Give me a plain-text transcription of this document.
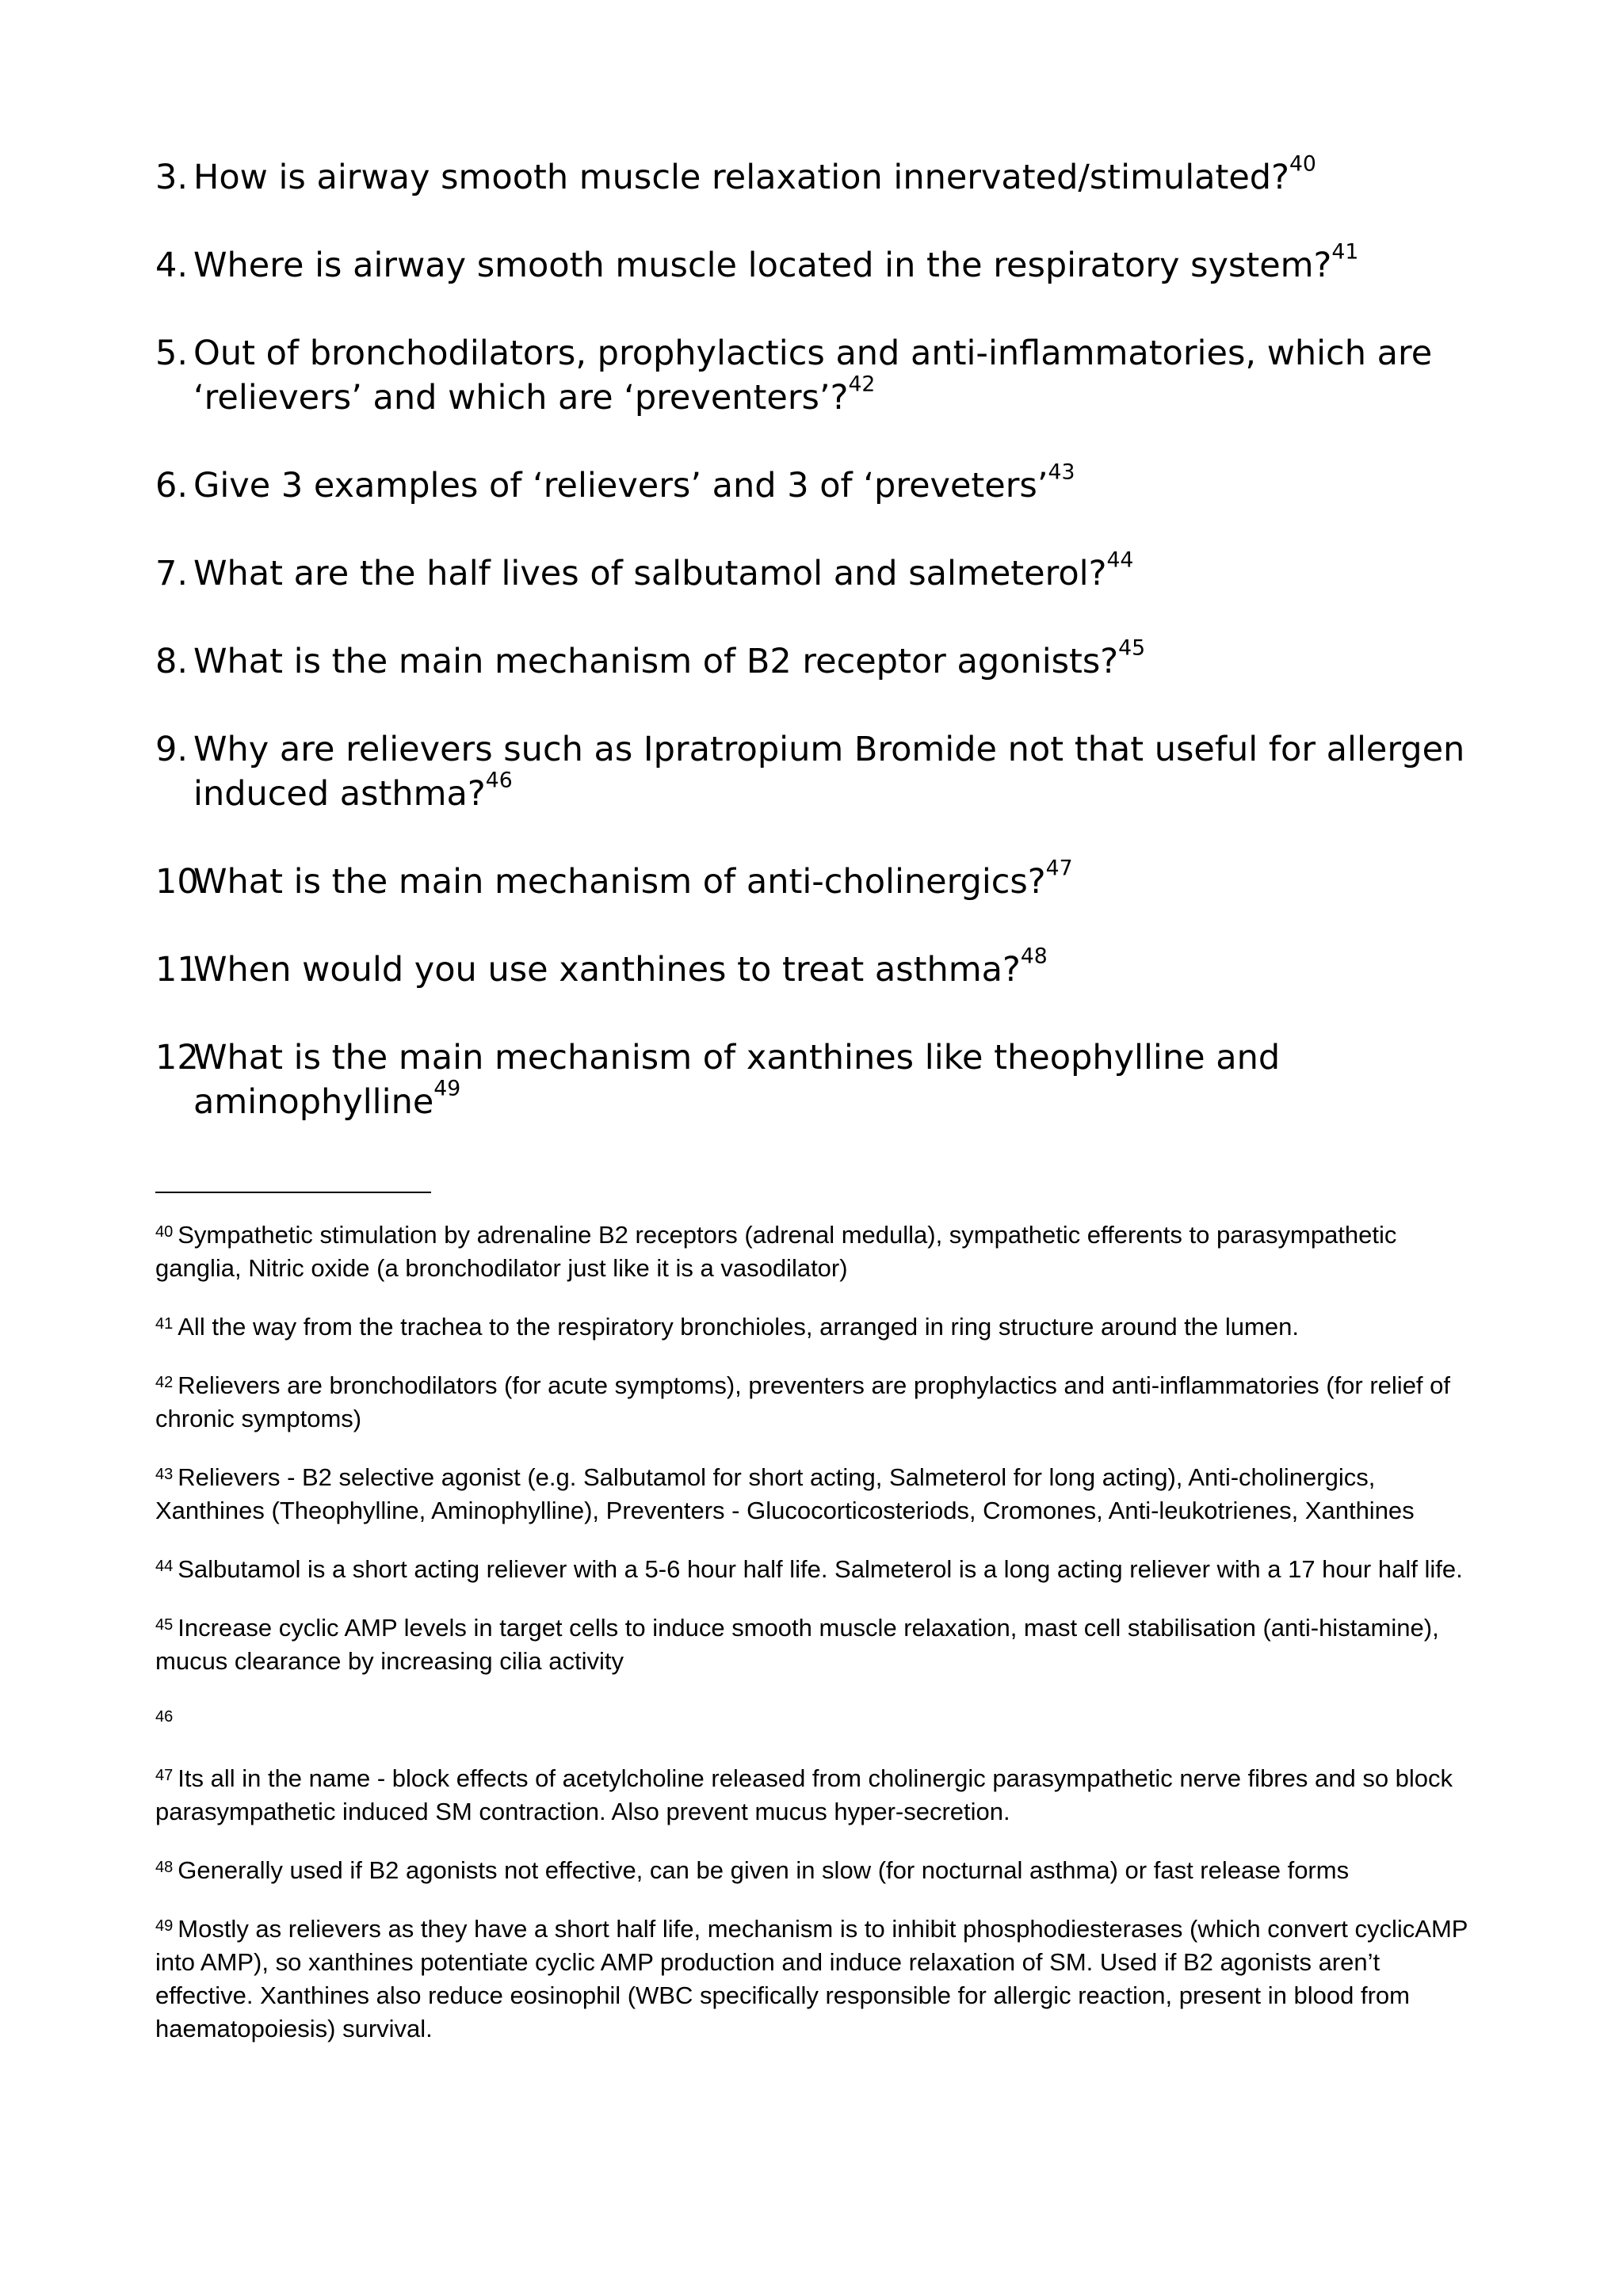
3. How is airway smooth muscle relaxation innervated/stimulated?$^{40}$
4. Where is airway smooth muscle located in the respiratory system?$^{41}$
5. Out of bronchodilators, prophylactics and anti-inflammatories, which are ‘relievers’ and which are ‘preventers’?$^{42}$
6. Give 3 examples of ‘relievers’ and 3 of ‘preveters’$^{43}$
7. What are the half lives of salbutamol and salmeterol?$^{44}$
8. What is the main mechanism of B2 receptor agonists?$^{45}$
9. Why are relievers such as Ipratropium Bromide not that useful for allergen induced asthma?$^{46}$
10.
What is the main mechanism of anti-cholinergics?$^{47}$
11.
When would you use xanthines to treat asthma?$^{48}$
12.
What is the main mechanism of xanthines like theophylline and aminophylline$^{49}$
$^{40}$ Sympathetic stimulation by adrenaline B2 receptors (adrenal medulla), sympathetic efferents to parasympathetic ganglia, Nitric oxide (a bronchodilator just like it is a vasodilator)
$^{41}$ All the way from the trachea to the respiratory bronchioles, arranged in ring structure around the lumen.
$^{42}$ Relievers are bronchodilators (for acute symptoms), preventers are prophylactics and anti-inflammatories (for relief of chronic symptoms)
$^{43}$ Relievers - B2 selective agonist (e.g. Salbutamol for short acting, Salmeterol for long acting), Anti-cholinergics, Xanthines (Theophylline, Aminophylline), Preventers - Glucocorticosteriods, Cromones, Anti-leukotrienes, Xanthines
$^{44}$ Salbutamol is a short acting reliever with a 5-6 hour half life. Salmeterol is a long acting reliever with a 17 hour half life.
$^{45}$ Increase cyclic AMP levels in target cells to induce smooth muscle relaxation, mast cell stabilisation (anti-histamine), mucus clearance by increasing cilia activity
$^{46}$
$^{47}$ Its all in the name - block effects of acetylcholine released from cholinergic parasympathetic nerve fibres and so block parasympathetic induced SM contraction. Also prevent mucus hyper-secretion.
$^{48}$ Generally used if B2 agonists not effective, can be given in slow (for nocturnal asthma) or fast release forms
$^{49}$ Mostly as relievers as they have a short half life, mechanism is to inhibit phosphodiesterases (which convert cyclicAMP into AMP), so xanthines potentiate cyclic AMP production and induce relaxation of SM. Used if B2 agonists aren’t effective. Xanthines also reduce eosinophil (WBC specifically responsible for allergic reaction, present in blood from haematopoiesis) survival.
